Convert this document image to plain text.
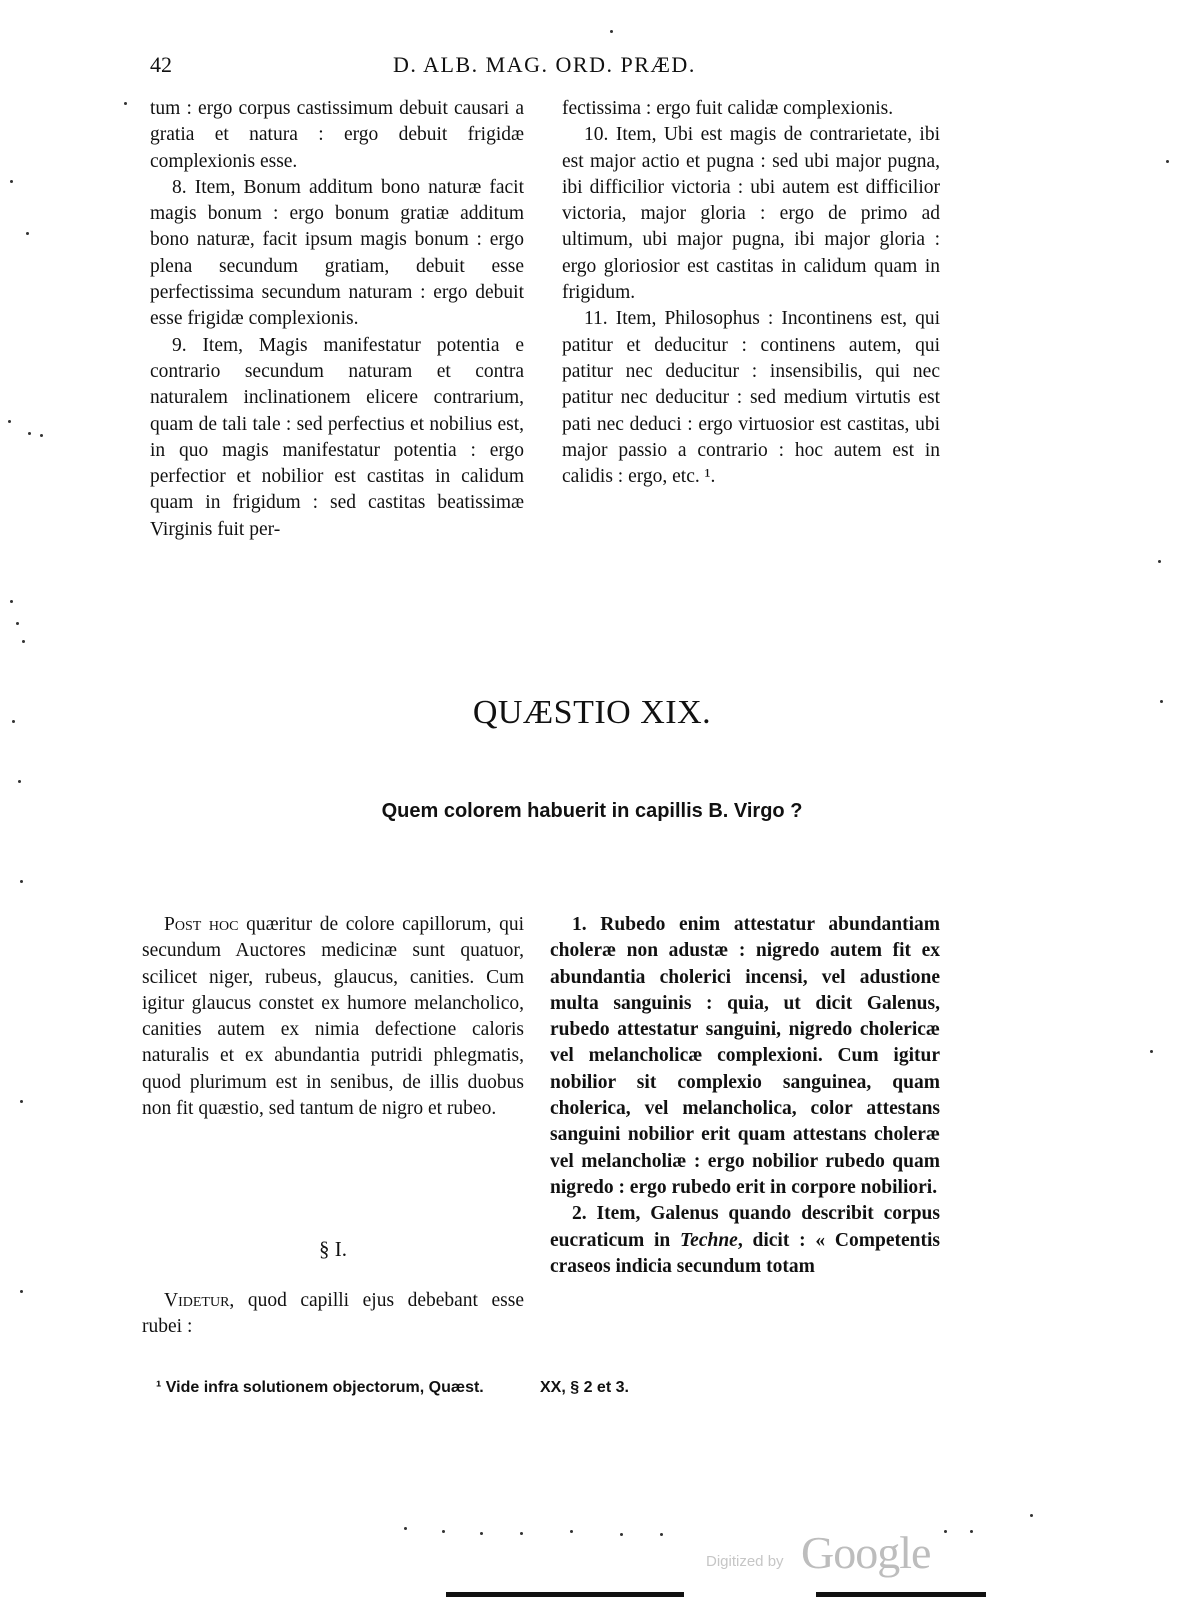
42	D. ALB. MAG. ORD. PRÆD.

tum : ergo corpus castissimum debuit causari a gratia et natura : ergo debuit frigidæ complexionis esse.

8. Item, Bonum additum bono naturæ facit magis bonum : ergo bonum gratiæ additum bono naturæ, facit ipsum magis bonum : ergo plena secundum gratiam, debuit esse perfectissima secundum naturam : ergo debuit esse frigidæ complexionis.

9. Item, Magis manifestatur potentia e contrario secundum naturam et contra naturalem inclinationem elicere contrarium, quam de tali tale : sed perfectius et nobilius est, in quo magis manifestatur potentia : ergo perfectior et nobilior est castitas in calidum quam in frigidum : sed castitas beatissimæ Virginis fuit per-

fectissima : ergo fuit calidæ complexionis.

10. Item, Ubi est magis de contrarietate, ibi est major actio et pugna : sed ubi major pugna, ibi difficilior victoria : ubi autem est difficilior victoria, major gloria : ergo de primo ad ultimum, ubi major pugna, ibi major gloria : ergo gloriosior est castitas in calidum quam in frigidum.

11. Item, Philosophus : Incontinens est, qui patitur et deducitur : continens autem, qui patitur nec deducitur : insensibilis, qui nec patitur nec deducitur : sed medium virtutis est pati nec deduci : ergo virtuosior est castitas, ubi major passio a contrario : hoc autem est in calidis : ergo, etc. ¹.

QUÆSTIO XIX.
Quem colorem habuerit in capillis B. Virgo ?

Post hoc quæritur de colore capillorum, qui secundum Auctores medicinæ sunt quatuor, scilicet niger, rubeus, glaucus, canities. Cum igitur glaucus constet ex humore melancholico, canities autem ex nimia defectione caloris naturalis et ex abundantia putridi phlegmatis, quod plurimum est in senibus, de illis duobus non fit quæstio, sed tantum de nigro et rubeo.

§ I.

Videtur, quod capilli ejus debebant esse rubei :

1. Rubedo enim attestatur abundantiam choleræ non adustæ : nigredo autem fit ex abundantia cholerici incensi, vel adustione multa sanguinis : quia, ut dicit Galenus, rubedo attestatur sanguini, nigredo cholericæ vel melancholicæ complexioni. Cum igitur nobilior sit complexio sanguinea, quam cholerica, vel melancholica, color attestans sanguini nobilior erit quam attestans choleræ vel melancholiæ : ergo nobilior rubedo quam nigredo : ergo rubedo erit in corpore nobiliori.

2. Item, Galenus quando describit corpus eucraticum in Techne, dicit : « Competentis craseos indicia secundum totam

¹ Vide infra solutionem objectorum, Quæst.	XX, § 2 et 3.
Digitized by Google
